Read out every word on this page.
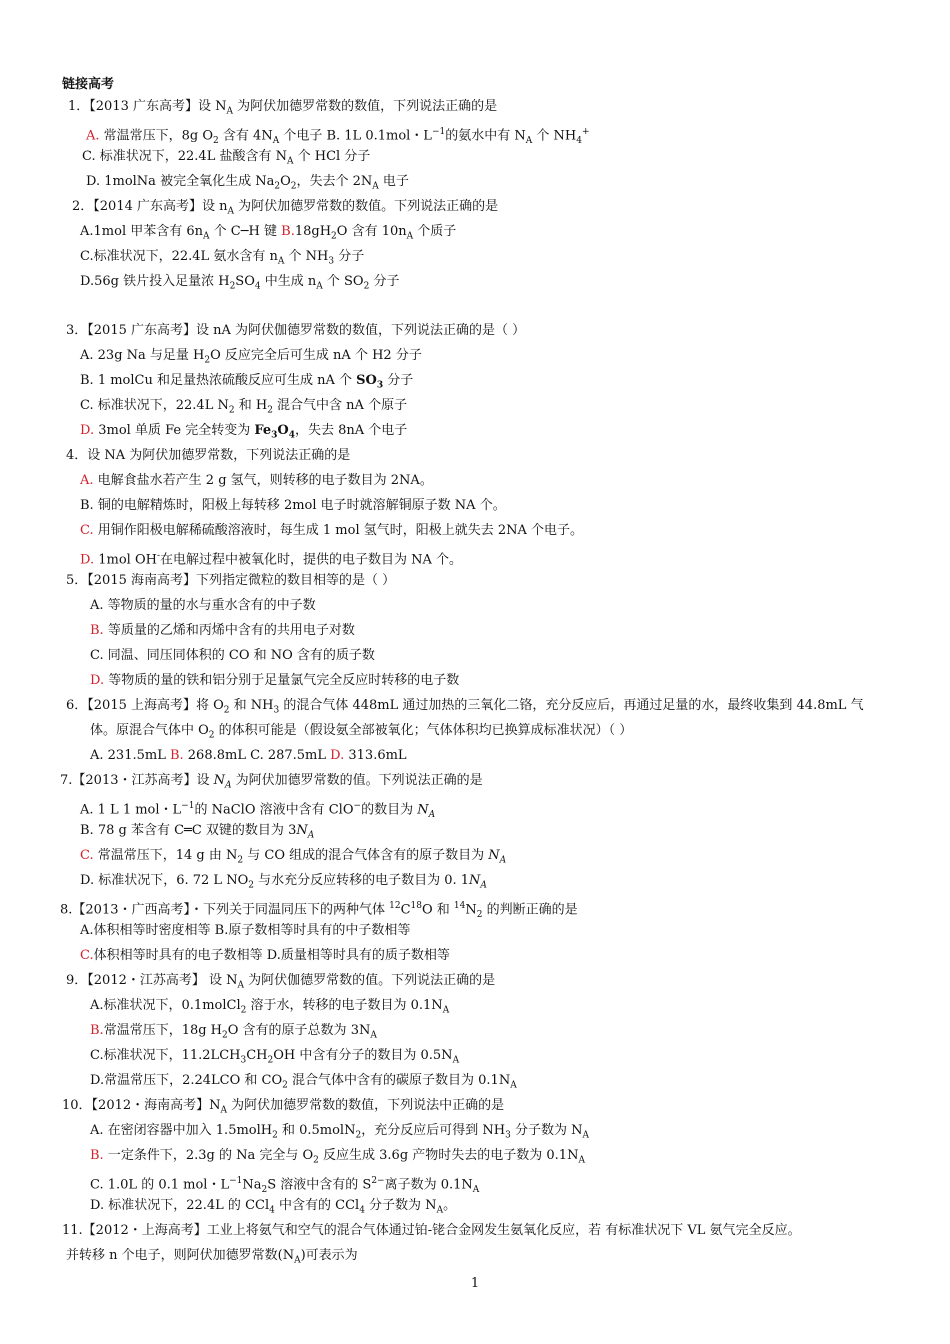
链接高考
1．【2013 广东高考】设 $N_A$ 为阿伏加德罗常数的数值，下列说法正确的是
A. 常温常压下，8g $O_2$ 含有 $4N_A$ 个电子 B. 1L 0.1mol・$L^{-1}$的氨水中有 $N_A$ 个 $NH_4^+$
C. 标准状况下，22.4L 盐酸含有 $N_A$ 个 HCl 分子
D. 1molNa 被完全氧化生成 $Na_2O_2$，失去个 $2N_A$ 电子
2．【2014 广东高考】设 $n_A$ 为阿伏加德罗常数的数值。下列说法正确的是
A.1mol 甲苯含有 $6n_A$ 个 C─H 键 $B.18gH_2O$ 含有 $10n_A$ 个质子
C.标准状况下，22.4L 氨水含有 $n_A$ 个 $NH_3$ 分子
D.56g 铁片投入足量浓 $H_2SO_4$ 中生成 $n_A$ 个 $SO_2$ 分子
3．【2015 广东高考】设 nA 为阿伏伽德罗常数的数值，下列说法正确的是（ ）
A. 23g Na 与足量 $H_2O$ 反应完全后可生成 nA 个 H2 分子
B. 1 molCu 和足量热浓硫酸反应可生成 nA 个 $SO_3$ 分子
C. 标准状况下，22.4L $N_2$ 和 $H_2$ 混合气中含 nA 个原子
D. 3mol 单质 Fe 完全转变为 $Fe_3O_4$，失去 8nA 个电子
4．设 NA 为阿伏加德罗常数，下列说法正确的是
A. 电解食盐水若产生 2 g 氢气，则转移的电子数目为 2NA。
B. 铜的电解精炼时，阳极上每转移 2mol 电子时就溶解铜原子数 NA 个。
C. 用铜作阳极电解稀硫酸溶液时，每生成 1 mol 氢气时，阳极上就失去 2NA 个电子。
D. 1mol OH-在电解过程中被氧化时，提供的电子数目为 NA 个。
5．【2015 海南高考】下列指定微粒的数目相等的是（ ）
A. 等物质的量的水与重水含有的中子数
B. 等质量的乙烯和丙烯中含有的共用电子对数
C. 同温、同压同体积的 CO 和 NO 含有的质子数
D. 等物质的量的铁和铝分别于足量氯气完全反应时转移的电子数
6．【2015 上海高考】将 $O_2$ 和 $NH_3$ 的混合气体 448mL 通过加热的三氧化二铬，充分反应后，再通过足量的水，最终收集到 44.8mL 气
体。原混合气体中 $O_2$ 的体积可能是（假设氨全部被氧化；气体体积均已换算成标准状况）（ ）
A. 231.5mL B. 268.8mL C. 287.5mL D. 313.6mL
7.【2013・江苏高考】设 $N_A$ 为阿伏加德罗常数的值。下列说法正确的是
A. 1 L 1 mol・$L^{-1}$的 NaClO 溶液中含有 ClO−的数目为 $N_A$
B. 78 g 苯含有 C═C 双键的数目为 $3N_A$
C. 常温常压下，14 g 由 $N_2$ 与 CO 组成的混合气体含有的原子数目为 $N_A$
D. 标准状况下，6. 72 L $NO_2$ 与水充分反应转移的电子数目为 0. $1N_A$
8.【2013・广西高考】・下列关于同温同压下的两种气体 $^{12}C^{18}O$ 和 $^{14}N_2$ 的判断正确的是
A.体积相等时密度相等 B.原子数相等时具有的中子数相等
C.体积相等时具有的电子数相等 D.质量相等时具有的质子数相等
9．【2012・江苏高考】 设 $N_A$ 为阿伏伽德罗常数的值。下列说法正确的是
A.标准状况下，0.1molCl$_2$ 溶于水，转移的电子数目为 $0.1N_A$
B.常温常压下，18g $H_2O$ 含有的原子总数为 $3N_A$
C.标准状况下，$11.2LCH_3CH_2OH$ 中含有分子的数目为 $0.5N_A$
D.常温常压下，2.24LCO 和 $CO_2$ 混合气体中含有的碳原子数目为 $0.1N_A$
10．【2012・海南高考】$N_A$ 为阿伏加德罗常数的数值，下列说法中正确的是
A. 在密闭容器中加入 1.5molH$_2$ 和 0.5molN$_2$，充分反应后可得到 $NH_3$ 分子数为 $N_A$
B. 一定条件下，2.3g 的 Na 完全与 $O_2$ 反应生成 3.6g 产物时失去的电子数为 $0.1N_A$
C. 1.0L 的 0.1 mol・$L^{-1}Na_2S$ 溶液中含有的 $S^{2-}$离子数为 $0.1N_A$
D. 标准状况下，22.4L 的 CCl$_4$ 中含有的 CCl$_4$ 分子数为 $N_A$。
11.【2012・上海高考】工业上将氨气和空气的混合气体通过铂-铑合金网发生氨氧化反应，若 有标准状况下 VL 氨气完全反应。
并转移 n 个电子，则阿伏加德罗常数$(N_A)$可表示为
1
